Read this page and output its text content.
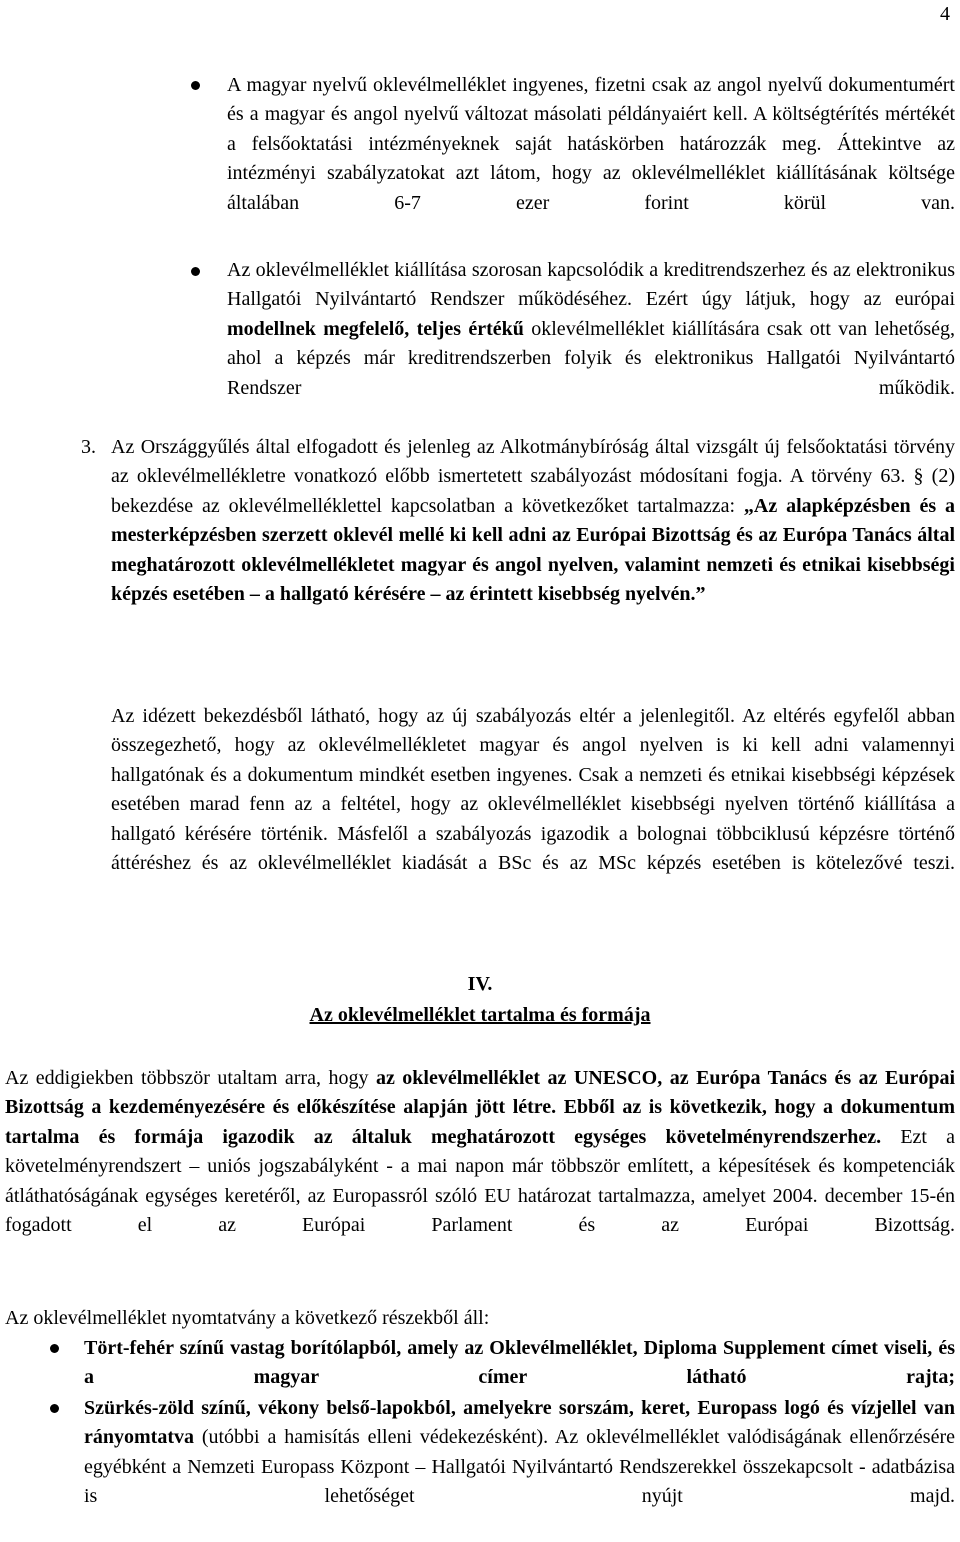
4
A magyar nyelvű oklevélmelléklet ingyenes, fizetni csak az angol nyelvű dokumentumért és a magyar és angol nyelvű változat másolati példányaiért kell. A költségtérítés mértékét a felsőoktatási intézményeknek saját hatáskörben határozzák meg. Áttekintve az intézményi szabályzatokat azt látom, hogy az oklevélmelléklet kiállításának költsége általában 6-7 ezer forint körül van.
Az oklevélmelléklet kiállítása szorosan kapcsolódik a kreditrendszerhez és az elektronikus Hallgatói Nyilvántartó Rendszer működéséhez. Ezért úgy látjuk, hogy az európai modellnek megfelelő, teljes értékű oklevélmelléklet kiállítására csak ott van lehetőség, ahol a képzés már kreditrendszerben folyik és elektronikus Hallgatói Nyilvántartó Rendszer működik.
3. Az Országgyűlés által elfogadott és jelenleg az Alkotmánybíróság által vizsgált új felsőoktatási törvény az oklevélmellékletre vonatkozó előbb ismertetett szabályozást módosítani fogja. A törvény 63. § (2) bekezdése az oklevélmelléklettel kapcsolatban a következőket tartalmazza: „Az alapképzésben és a mesterképzésben szerzett oklevél mellé ki kell adni az Európai Bizottság és az Európa Tanács által meghatározott oklevélmellékletet magyar és angol nyelven, valamint nemzeti és etnikai kisebbségi képzés esetében – a hallgató kérésére – az érintett kisebbség nyelvén.”
Az idézett bekezdésből látható, hogy az új szabályozás eltér a jelenlegitől. Az eltérés egyfelől abban összegezhető, hogy az oklevélmellékletet magyar és angol nyelven is ki kell adni valamennyi hallgatónak és a dokumentum mindkét esetben ingyenes. Csak a nemzeti és etnikai kisebbségi képzések esetében marad fenn az a feltétel, hogy az oklevélmelléklet kisebbségi nyelven történő kiállítása a hallgató kérésére történik. Másfelől a szabályozás igazodik a bolognai többciklusú képzésre történő áttéréshez és az oklevélmelléklet kiadását a BSc és az MSc képzés esetében is kötelezővé teszi.
IV.
Az oklevélmelléklet tartalma és formája
Az eddigiekben többször utaltam arra, hogy az oklevélmelléklet az UNESCO, az Európa Tanács és az Európai Bizottság a kezdeményezésére és előkészítése alapján jött létre. Ebből az is következik, hogy a dokumentum tartalma és formája igazodik az általuk meghatározott egységes követelményrendszerhez. Ezt a követelményrendszert – uniós jogszabályként - a mai napon már többször említett, a képesítések és kompetenciák átláthatóságának egységes keretéről, az Europassról szóló EU határozat tartalmazza, amelyet 2004. december 15-én fogadott el az Európai Parlament és az Európai Bizottság.
Az oklevélmelléklet nyomtatvány a következő részekből áll:
Tört-fehér színű vastag borítólapból, amely az Oklevélmelléklet, Diploma Supplement címet viseli, és a magyar címer látható rajta;
Szürkés-zöld színű, vékony belső-lapokból, amelyekre sorszám, keret, Europass logó és vízjellel van rányomtatva (utóbbi a hamisítás elleni védekezésként). Az oklevélmelléklet valódiságának ellenőrzésére egyébként a Nemzeti Europass Központ – Hallgatói Nyilvántartó Rendszerekkel összekapcsolt - adatbázisa is lehetőséget nyújt majd.
